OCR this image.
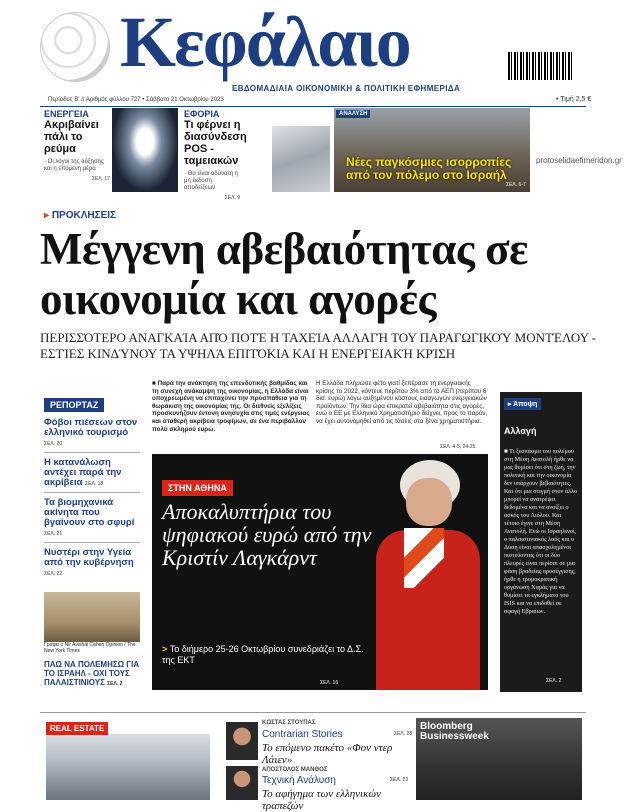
Κεφάλαιο
ΕΒΔΟΜΑΔΙΑΙΑ ΟΙΚΟΝΟΜΙΚΗ & ΠΟΛΙΤΙΚΗ ΕΦΗΜΕΡΙΔΑ
Περίοδος Β' // Αριθμός φύλλου 727 • Σάββατο 21 Οκτωβρίου 2023	• Τιμή 2,5 €
ΕΝΕΡΓΕΙΑ
Ακριβαίνει πάλι το ρεύμα
· Οι λόγοι της αύξησης και η επόμενη μέρα
ΣΕΛ. 17
ΕΦΟΡΙΑ
Τι φέρνει η διασύνδεση POS - ταμειακών
· Θα είναι αδύνατη η μη έκδοση αποδείξεων
ΣΕΛ. 9
ΑΝΑΛΥΣΗ
Νέες παγκόσμιες ισορροπίες από τον πόλεμο στο Ισραήλ
ΣΕΛ. 6-7
protoselidaefimeridon.gr
▸ ΠΡΟΚΛΗΣΕΙΣ
Μέγγενη αβεβαιότητας σε οικονομία και αγορές
ΠΕΡΙΣΣΌΤΕΡΟ ΑΝΑΓΚΑΊΑ ΑΠΌ ΠΟΤΈ Η ΤΑΧΕΊΑ ΑΛΛΑΓΉ ΤΟΥ ΠΑΡΑΓΩΓΙΚΟΎ ΜΟΝΤΈΛΟΥ - ΕΣΤΊΕΣ ΚΙΝΔΎΝΟΥ ΤΑ ΥΨΗΛΆ ΕΠΙΤΌΚΙΑ ΚΑΙ Η ΕΝΕΡΓΕΙΑΚΉ ΚΡΊΣΗ
■ Παρά την ανάκτηση της επενδυτικής βαθμίδας και τη συνεχή ανάκαμψη της οικονομίας, η Ελλάδα είναι υποχρεωμένη να επιταχύνει την προσπάθεια για τη θωράκιση της οικονομίας της. Οι διεθνείς εξελίξεις προσκυνήζουν έντονη ανησυχία στις τιμές ενέργειας και σταθερή ακρίβεια τροφίμων, σε ένα περιβάλλον πολύ σκληρού ευρώ.
Η Ελλάδα πλήρωσε φέτο γιατί ξεπέρασε τη ενεργειακής κρίσης το 2022, κόντευε περίπου 3% από το ΑΕΠ (περίπου 6 δισ. ευρώ) λόγω αυξημένου κόστους εισαγωγών ενεργειακών προϊόντων. Την ίδια ώρα επικρατεί αβεβαιότητα στις αγορές, ενώ ο ΕΕ με Ελληνικό Χρηματιστήριο δείχνει, προς το παρόν, να έχει αυτονομηθεί από τις τάσεις στα ξένα χρηματιστήρια.
ΣΕΛ. 4-5, 24-25
ΡΕΠΟΡΤΑΖ
Φόβοι πιέσεων στον ελληνικό τουρισμό ΣΕΛ. 20
Η κατανάλωση αντέχει παρά την ακρίβεια ΣΕΛ. 18
Τα βιομηχανικά ακίνητα που βγαίνουν στο σφυρί ΣΕΛ. 21
Νυστέρι στην Υγεία από την κυβέρνηση ΣΕΛ. 22
Γράφει ο Nir Avishai Cohen Opinion / The New York Times
ΠΑΩ ΝΑ ΠΟΛΕΜΗΣΩ ΓΙΑ ΤΟ ΙΣΡΑΗΛ - ΟΧΙ ΤΟΥΣ ΠΑΛΑΙΣΤΙΝΙΟΥΣ ΣΕΛ. 2
ΣΤΗΝ ΑΘΗΝΑ
Αποκαλυπτήρια του ψηφιακού ευρώ από την Κριστίν Λαγκάρντ
> Το διήμερο 25-26 Οκτωβρίου συνεδριάζει το Δ.Σ. της ΕΚΤ
ΣΕΛ. 16
▸ Άποψη
Αλλαγή
■ Τι ξεσπάσμα του πολέμου στη Μέση Ανατολή ήρθε να μας θυμίσει ότι στη ζωή, την πολιτική και την οικονομία δεν υπάρχουν βεβαιότητες. Και ότι μια στιγμή στον άλλο μπορεί να ανατρέψει δεδομένα και να ανοίξει ο ασκός του Αιόλου. Και τέτοιο έγινε στη Μέση Ανατολή. Ενώ οι Ισραηλινοί, ο παλαιστινιακός λαός και ο Δύση είναι απασχολημένοι πιστεύοντας ότι οι δύο πλευρές είναι περίσσι σε μια φάση βραδείας προσέγγισης, ήρθε η τρομοκρατική οργάνωση Χαμάς για να θυμίσει τα εγκλήματα του ISIS και να επιδοθεί σε σφαγή Εβραίων.
ΣΕΛ. 2
REAL ESTATE
ΚΩΣΤΑΣ ΣΤΟΥΠΑΣ
Contrarian Stories
Το επόμενο πακέτο «Φον ντερ Λάιεν»
ΣΕΛ. 28
ΑΠΟΣΤΟΛΟΣ ΜΑΝΘΟΣ
Τεχνική Ανάλυση
Το αφήγημα των ελληνικών τραπεζών
ΣΕΛ. 23
Bloomberg
Businessweek
